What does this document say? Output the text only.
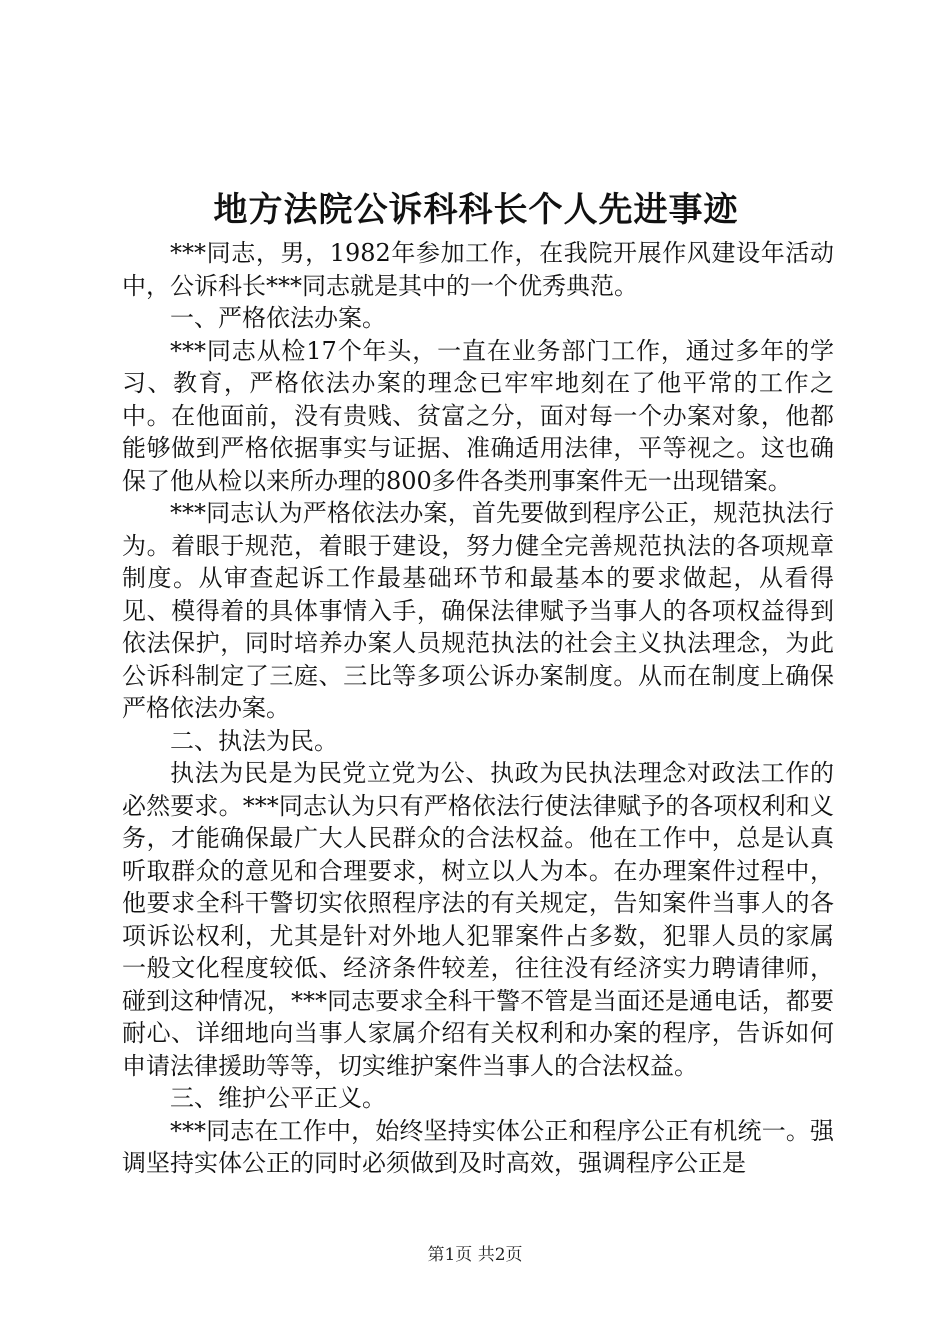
地方法院公诉科科长个人先进事迹

***同志，男，1982年参加工作，在我院开展作风建设年活动中，公诉科长***同志就是其中的一个优秀典范。

一、严格依法办案。

***同志从检17个年头，一直在业务部门工作，通过多年的学习、教育，严格依法办案的理念已牢牢地刻在了他平常的工作之中。在他面前，没有贵贱、贫富之分，面对每一个办案对象，他都能够做到严格依据事实与证据、准确适用法律，平等视之。这也确保了他从检以来所办理的800多件各类刑事案件无一出现错案。

***同志认为严格依法办案，首先要做到程序公正，规范执法行为。着眼于规范，着眼于建设，努力健全完善规范执法的各项规章制度。从审查起诉工作最基础环节和最基本的要求做起，从看得见、模得着的具体事情入手，确保法律赋予当事人的各项权益得到依法保护，同时培养办案人员规范执法的社会主义执法理念，为此公诉科制定了三庭、三比等多项公诉办案制度。从而在制度上确保严格依法办案。

二、执法为民。

执法为民是为民党立党为公、执政为民执法理念对政法工作的必然要求。***同志认为只有严格依法行使法律赋予的各项权利和义务，才能确保最广大人民群众的合法权益。他在工作中，总是认真听取群众的意见和合理要求，树立以人为本。在办理案件过程中，他要求全科干警切实依照程序法的有关规定，告知案件当事人的各项诉讼权利，尤其是针对外地人犯罪案件占多数，犯罪人员的家属一般文化程度较低、经济条件较差，往往没有经济实力聘请律师，碰到这种情况，***同志要求全科干警不管是当面还是通电话，都要耐心、详细地向当事人家属介绍有关权利和办案的程序，告诉如何申请法律援助等等，切实维护案件当事人的合法权益。

三、维护公平正义。

***同志在工作中，始终坚持实体公正和程序公正有机统一。强调坚持实体公正的同时必须做到及时高效，强调程序公正是

第1页 共2页
